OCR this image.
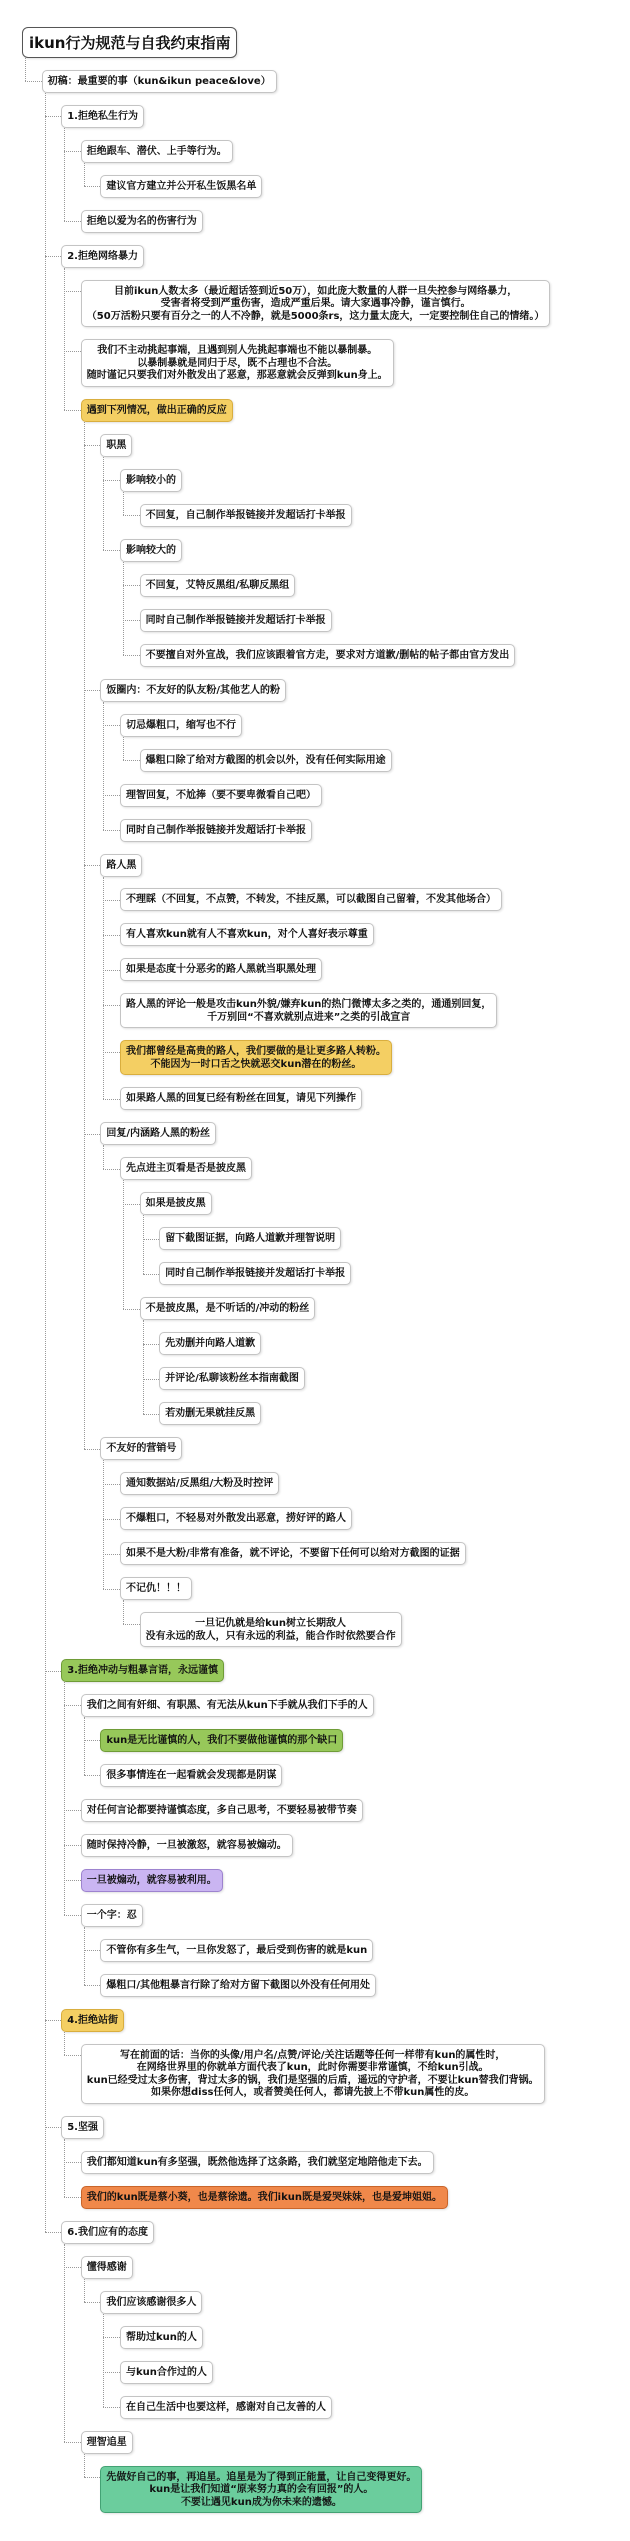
ikun行为规范与自我约束指南
初稿：最重要的事（kun&ikun peace&love）
1.拒绝私生行为
拒绝跟车、潜伏、上手等行为。
建议官方建立并公开私生饭黑名单
拒绝以爱为名的伤害行为
2.拒绝网络暴力
目前ikun人数太多（最近超话签到近50万），如此庞大数量的人群一旦失控参与网络暴力，
受害者将受到严重伤害，造成严重后果。请大家遇事冷静，谨言慎行。
（50万活粉只要有百分之一的人不冷静，就是5000条rs，这力量太庞大，一定要控制住自己的情绪。）
我们不主动挑起事端，且遇到别人先挑起事端也不能以暴制暴。
以暴制暴就是同归于尽，既不占理也不合法。
随时谨记只要我们对外散发出了恶意，那恶意就会反弹到kun身上。
遇到下列情况，做出正确的反应
职黑
影响较小的
不回复，自己制作举报链接并发超话打卡举报
影响较大的
不回复，艾特反黑组/私聊反黑组
同时自己制作举报链接并发超话打卡举报
不要擅自对外宣战，我们应该跟着官方走，要求对方道歉/删帖的帖子都由官方发出
饭圈内：不友好的队友粉/其他艺人的粉
切忌爆粗口，缩写也不行
爆粗口除了给对方截图的机会以外，没有任何实际用途
理智回复，不尬捧（要不要卑微看自己吧）
同时自己制作举报链接并发超话打卡举报
路人黑
不理睬（不回复，不点赞，不转发，不挂反黑，可以截图自己留着，不发其他场合）
有人喜欢kun就有人不喜欢kun，对个人喜好表示尊重
如果是态度十分恶劣的路人黑就当职黑处理
路人黑的评论一般是攻击kun外貌/嫌弃kun的热门微博太多之类的，通通别回复，
千万别回“不喜欢就别点进来”之类的引战宣言
我们都曾经是高贵的路人，我们要做的是让更多路人转粉。
不能因为一时口舌之快就恶交kun潜在的粉丝。
如果路人黑的回复已经有粉丝在回复，请见下列操作
回复/内涵路人黑的粉丝
先点进主页看是否是披皮黑
如果是披皮黑
留下截图证据，向路人道歉并理智说明
同时自己制作举报链接并发超话打卡举报
不是披皮黑，是不听话的/冲动的粉丝
先劝删并向路人道歉
并评论/私聊该粉丝本指南截图
若劝删无果就挂反黑
不友好的营销号
通知数据站/反黑组/大粉及时控评
不爆粗口，不轻易对外散发出恶意，捞好评的路人
如果不是大粉/非常有准备，就不评论，不要留下任何可以给对方截图的证据
不记仇！！！
一旦记仇就是给kun树立长期敌人
没有永远的敌人，只有永远的利益，能合作时依然要合作
3.拒绝冲动与粗暴言语，永远谨慎
我们之间有奸细、有职黑、有无法从kun下手就从我们下手的人
kun是无比谨慎的人，我们不要做他谨慎的那个缺口
很多事情连在一起看就会发现都是阴谋
对任何言论都要持谨慎态度，多自己思考，不要轻易被带节奏
随时保持冷静，一旦被激怒，就容易被煽动。
一旦被煽动，就容易被利用。
一个字：忍
不管你有多生气，一旦你发怒了，最后受到伤害的就是kun
爆粗口/其他粗暴言行除了给对方留下截图以外没有任何用处
4.拒绝站街
写在前面的话：当你的头像/用户名/点赞/评论/关注话题等任何一样带有kun的属性时，
在网络世界里的你就单方面代表了kun，此时你需要非常谨慎，不给kun引战。
kun已经受过太多伤害，背过太多的锅，我们是坚强的后盾，遥远的守护者，不要让kun替我们背锅。
如果你想diss任何人，或者赞美任何人，都请先披上不带kun属性的皮。
5.坚强
我们都知道kun有多坚强，既然他选择了这条路，我们就坚定地陪他走下去。
我们的kun既是蔡小葵，也是蔡徐遗。我们ikun既是爱哭妹妹，也是爱坤姐姐。
6.我们应有的态度
懂得感谢
我们应该感谢很多人
帮助过kun的人
与kun合作过的人
在自己生活中也要这样，感谢对自己友善的人
理智追星
先做好自己的事，再追星。追星是为了得到正能量，让自己变得更好。
kun是让我们知道“原来努力真的会有回报”的人。
不要让遇见kun成为你未来的遗憾。
